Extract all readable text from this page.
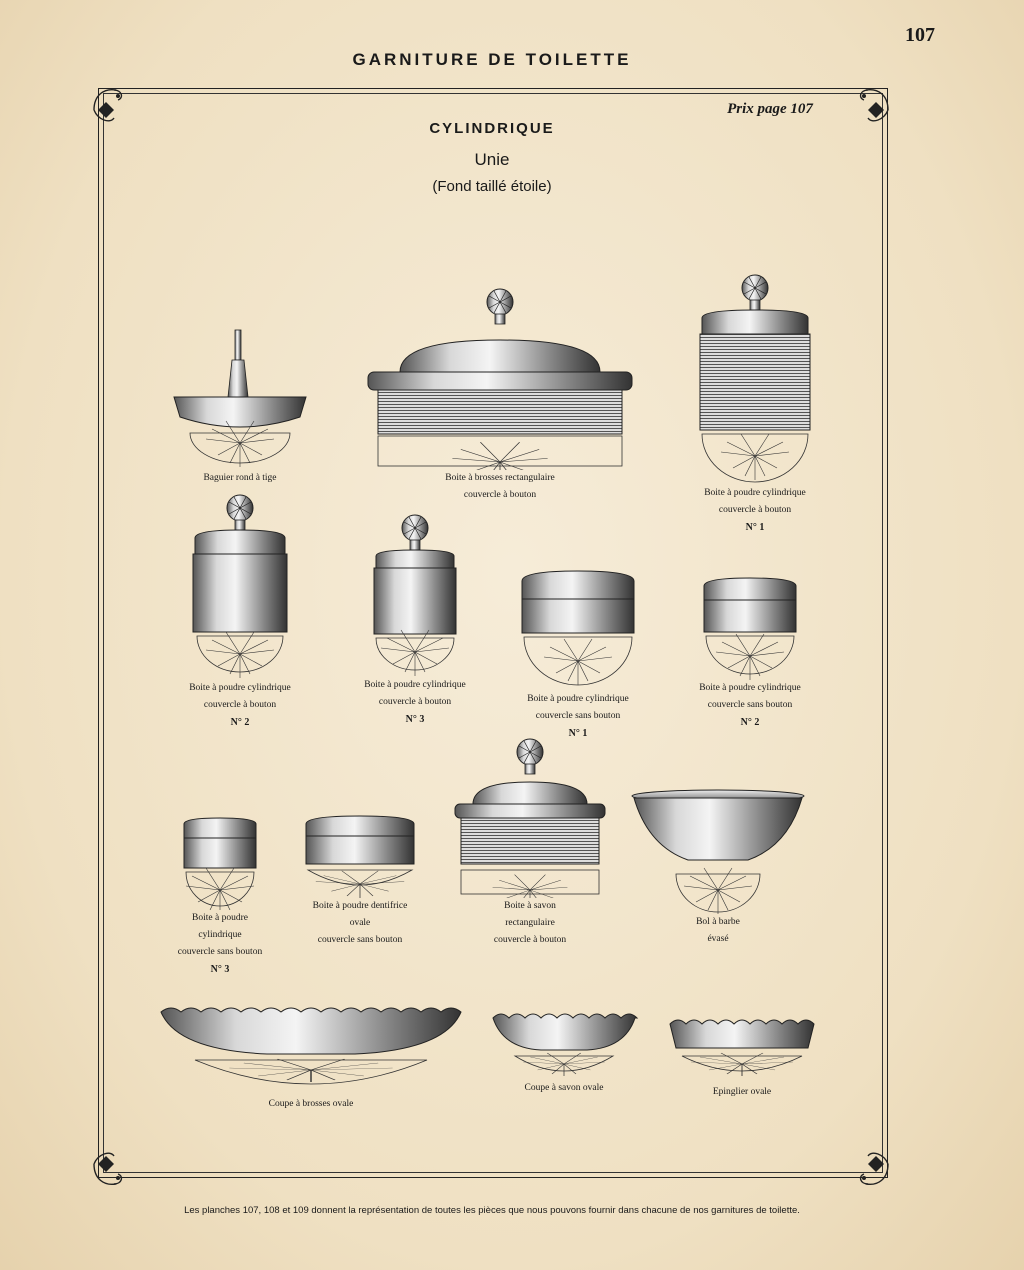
107
GARNITURE DE TOILETTE
Prix page 107
CYLINDRIQUE
Unie
(Fond taillé étoile)
Baguier rond à tige	Boite à brosses rectangulaire
couvercle à bouton	Boite à poudre cylindrique
couvercle à bouton
N° 1
Boite à poudre cylindrique
couvercle à bouton
N° 2
Boite à poudre cylindrique
couvercle à bouton
N° 3
Boite à poudre cylindrique
couvercle sans bouton
N° 1
Boite à poudre cylindrique
couvercle sans bouton
N° 2
Boite à poudre
cylindrique
couvercle sans bouton
N° 3
Boite à poudre dentifrice
ovale
couvercle sans bouton
Boite à savon
rectangulaire
couvercle à bouton
Bol à barbe
évasé
Coupe à brosses ovale
Coupe à savon ovale	Epinglier ovale
Les planches 107, 108 et 109 donnent la représentation de toutes les pièces que nous pouvons fournir dans chacune de nos garnitures de toilette.
